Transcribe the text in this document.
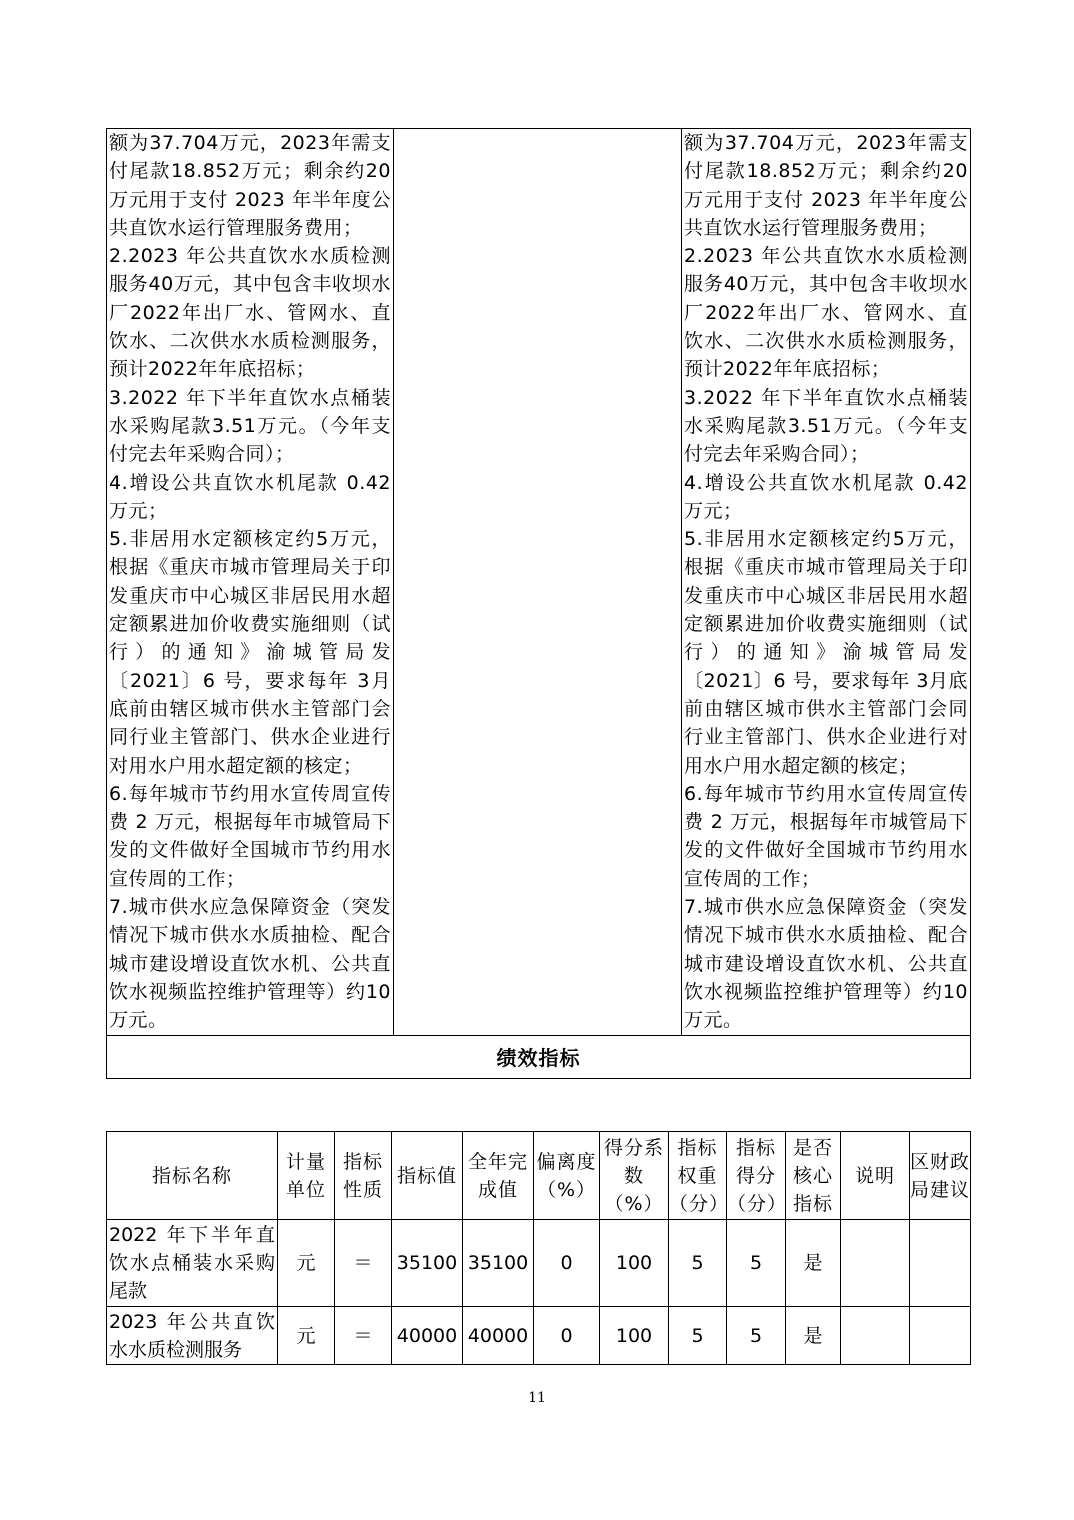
额为37.704万元，2023年需支付尾款18.852万元；剩余约20万元用于支付 2023 年半年度公共直饮水运行管理服务费用；

2.2023 年公共直饮水水质检测服务40万元，其中包含丰收坝水厂2022年出厂水、管网水、直饮水、二次供水水质检测服务，预计2022年年底招标；

3.2022 年下半年直饮水点桶装水采购尾款3.51万元。（今年支付完去年采购合同）；

4.增设公共直饮水机尾款 0.42万元；

5.非居用水定额核定约5万元，根据《重庆市城市管理局关于印发重庆市中心城区非居民用水超定额累进加价收费实施细则（试行）的通知》渝城管局发〔2021〕6 号，要求每年 3月底前由辖区城市供水主管部门会同行业主管部门、供水企业进行对用水户用水超定额的核定；

6.每年城市节约用水宣传周宣传费 2 万元，根据每年市城管局下发的文件做好全国城市节约用水宣传周的工作；

7.城市供水应急保障资金（突发情况下城市供水水质抽检、配合城市建设增设直饮水机、公共直饮水视频监控维护管理等）约10万元。

额为37.704万元，2023年需支付尾款18.852万元；剩余约20万元用于支付 2023 年半年度公共直饮水运行管理服务费用；

2.2023 年公共直饮水水质检测服务40万元，其中包含丰收坝水厂2022年出厂水、管网水、直饮水、二次供水水质检测服务，预计2022年年底招标；

3.2022 年下半年直饮水点桶装水采购尾款3.51万元。（今年支付完去年采购合同）；

4.增设公共直饮水机尾款 0.42万元；

5.非居用水定额核定约5万元，根据《重庆市城市管理局关于印发重庆市中心城区非居民用水超定额累进加价收费实施细则（试行）的通知》渝城管局发〔2021〕6 号，要求每年 3月底前由辖区城市供水主管部门会同行业主管部门、供水企业进行对用水户用水超定额的核定；

6.每年城市节约用水宣传周宣传费 2 万元，根据每年市城管局下发的文件做好全国城市节约用水宣传周的工作；

7.城市供水应急保障资金（突发情况下城市供水水质抽检、配合城市建设增设直饮水机、公共直饮水视频监控维护管理等）约10万元。

绩效指标
指标名称	计量单位	指标性质	指标值	全年完成值	偏离度（%）	得分系数（%）	指标权重（分）	指标得分（分）	是否核心指标	说明	区财政局建议
2022 年下半年直饮水点桶装水采购尾款	元	＝	35100	35100	0	100	5	5	是		
2023 年公共直饮水水质检测服务	元	＝	40000	40000	0	100	5	5	是		
11
